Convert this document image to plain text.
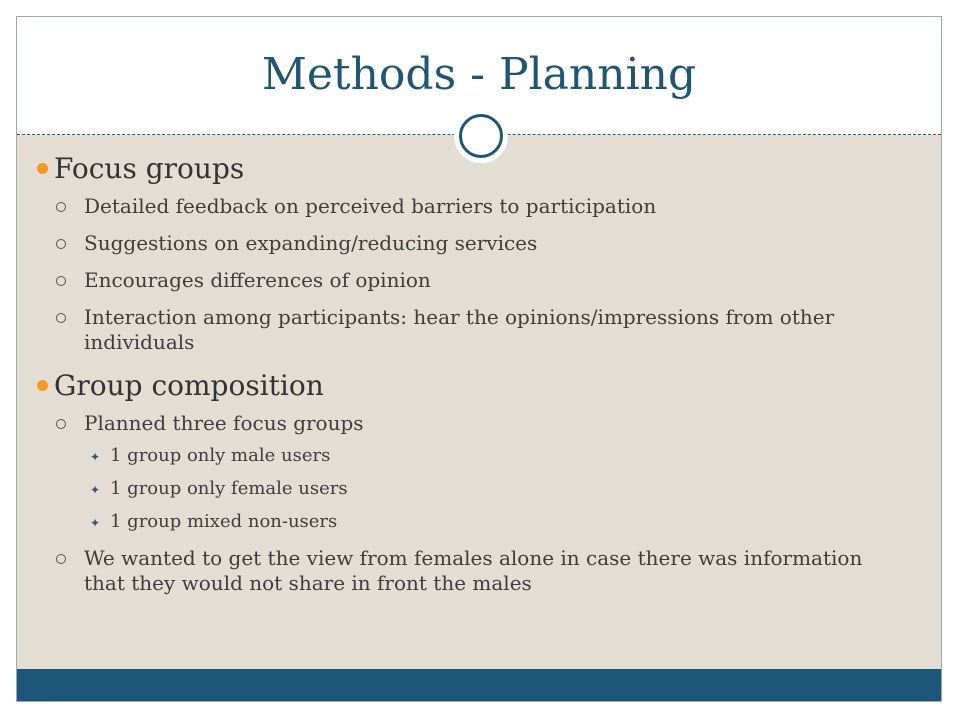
Methods - Planning
Focus groups
Detailed feedback on perceived barriers to participation
Suggestions on expanding/reducing services
Encourages differences of opinion
Interaction among participants: hear the opinions/impressions from other individuals
Group composition
Planned three focus groups
✦ 1 group only male users
✦ 1 group only female users
✦ 1 group mixed non-users
We wanted to get the view from females alone in case there was information that they would not share in front the males
